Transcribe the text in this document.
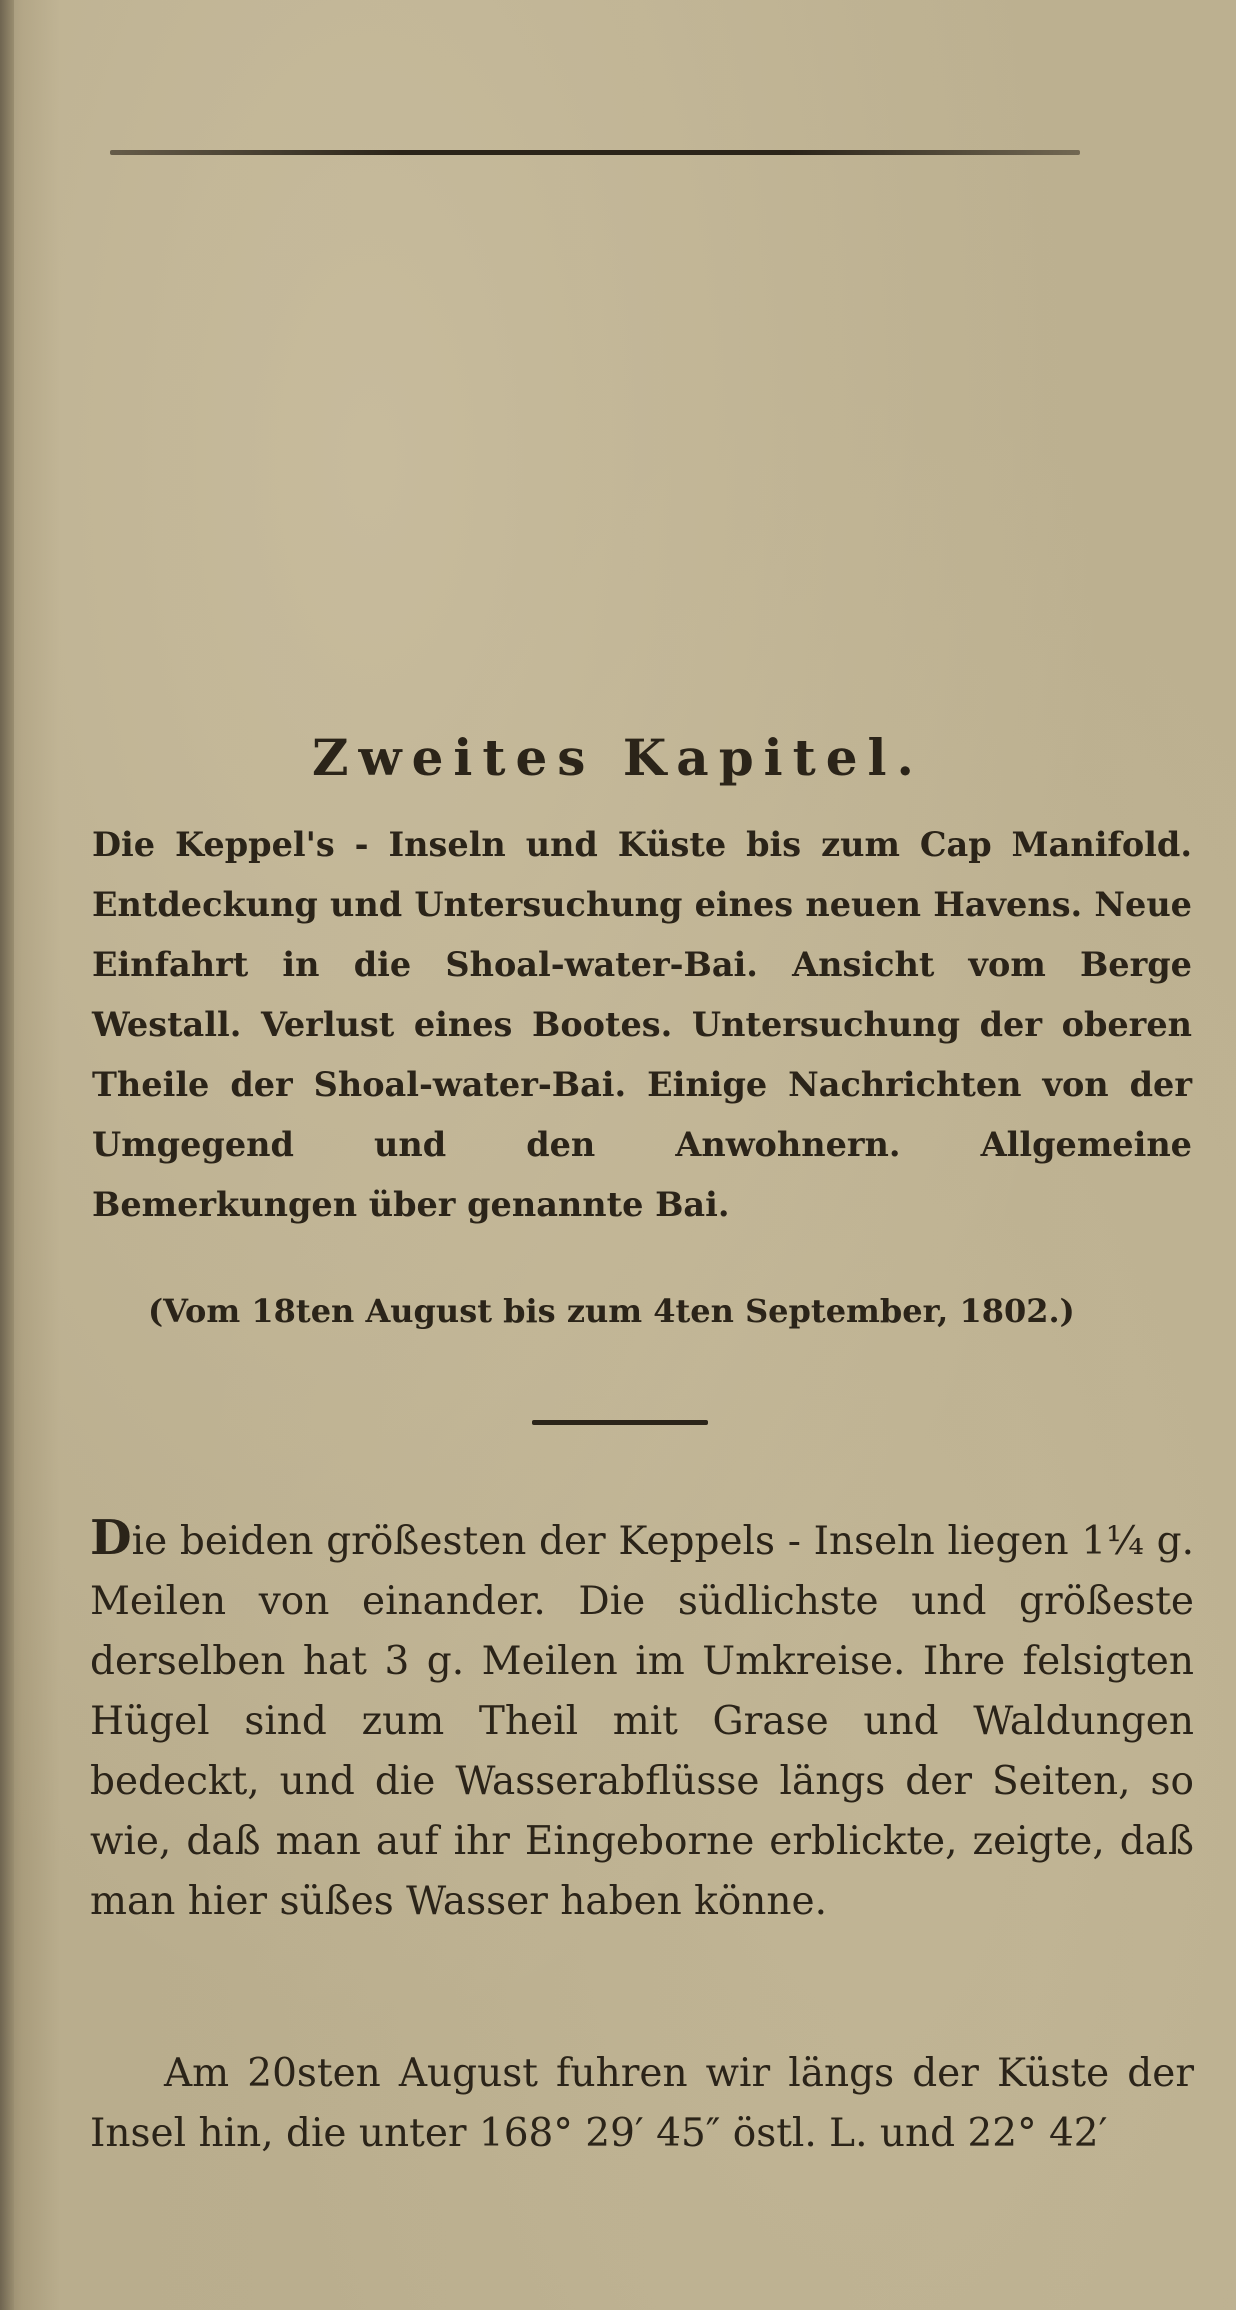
Zweites Kapitel.
Die Keppel's - Inseln und Küste bis zum Cap Manifold. Entdeckung und Untersuchung eines neuen Havens. Neue Einfahrt in die Shoal-water-Bai. Ansicht vom Berge Westall. Verlust eines Bootes. Untersuchung der oberen Theile der Shoal-water-Bai. Einige Nachrichten von der Umgegend und den Anwohnern. Allgemeine Bemerkungen über genannte Bai.
(Vom 18ten August bis zum 4ten September, 1802.)
Die beiden größesten der Keppels - Inseln liegen 1¼ g. Meilen von einander. Die südlichste und größeste derselben hat 3 g. Meilen im Umkreise. Ihre felsigten Hügel sind zum Theil mit Grase und Waldungen bedeckt, und die Wasserabflüsse längs der Seiten, so wie, daß man auf ihr Eingeborne erblickte, zeigte, daß man hier süßes Wasser haben könne.
Am 20sten August fuhren wir längs der Küste der Insel hin, die unter 168° 29′ 45″ östl. L. und 22° 42′
